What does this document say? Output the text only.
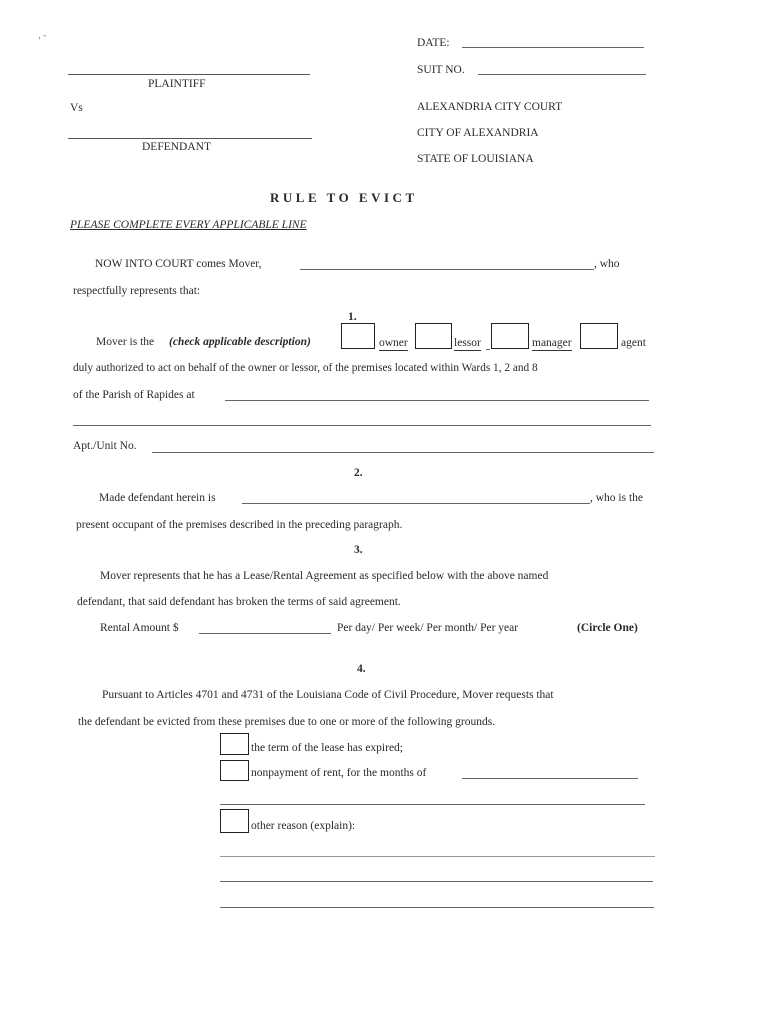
‚ ‐
DATE:
SUIT NO.
PLAINTIFF
Vs
DEFENDANT
ALEXANDRIA CITY COURT
CITY OF ALEXANDRIA
STATE OF LOUISIANA
RULE TO EVICT
PLEASE COMPLETE EVERY APPLICABLE LINE
NOW INTO COURT comes Mover,	, who
respectfully represents that:
1.
Mover is the (check applicable description)	owner	lessor	manager	agent
duly authorized to act on behalf of the owner or lessor, of the premises located within Wards 1, 2 and 8
of the Parish of Rapides at
Apt./Unit No.
2.
Made defendant herein is	, who is the
present occupant of the premises described in the preceding paragraph.
3.
Mover represents that he has a Lease/Rental Agreement as specified below with the above named
defendant, that said defendant has broken the terms of said agreement.
Rental Amount $	Per day/ Per week/ Per month/ Per year	(Circle One)
4.
Pursuant to Articles 4701 and 4731 of the Louisiana Code of Civil Procedure, Mover requests that
the defendant be evicted from these premises due to one or more of the following grounds.
the term of the lease has expired;
nonpayment of rent, for the months of
other reason (explain):
